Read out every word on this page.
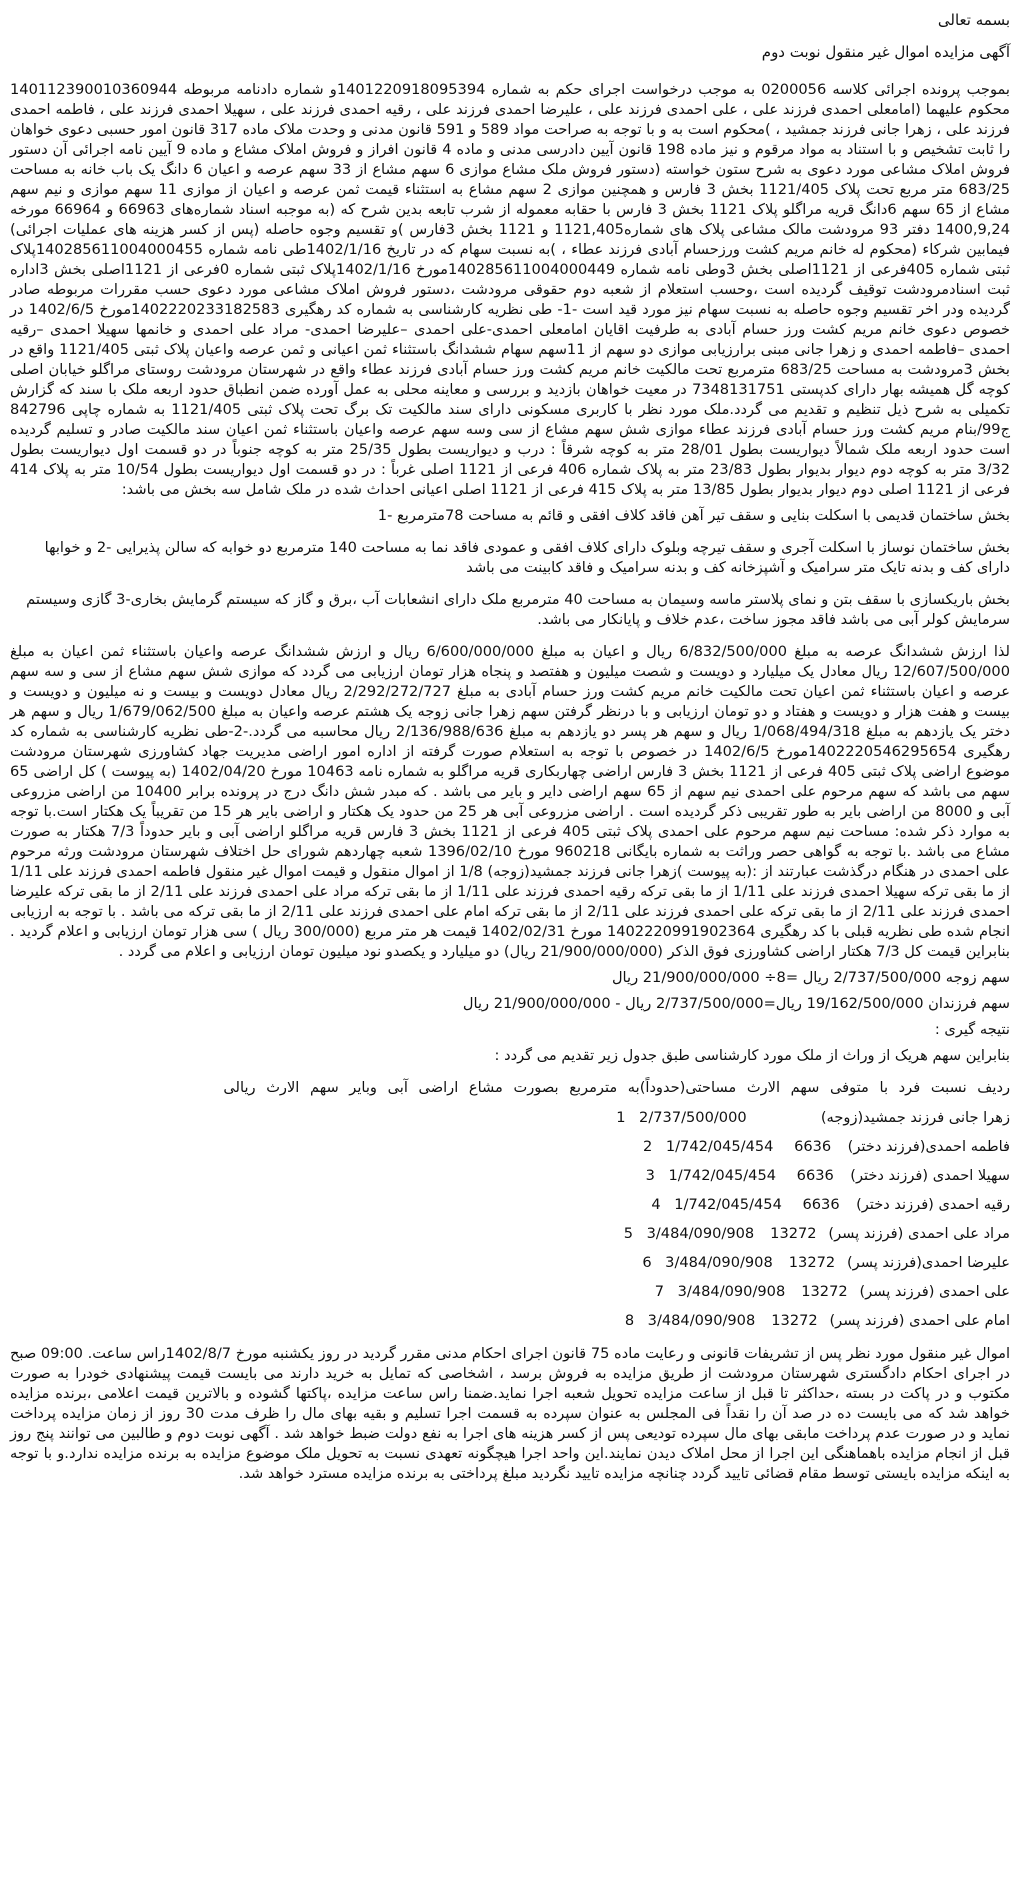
بسمه تعالی

آگهی مزایده اموال غیر منقول نوبت دوم

بموجب پرونده اجرائی کلاسه 0200056 به موجب درخواست اجرای حکم به شماره 1401220918095394و شماره دادنامه مربوطه 140112390010360944 محکوم علیهما (امامعلی احمدی فرزند علی ، علی احمدی فرزند علی ، علیرضا احمدی فرزند علی ، رقیه احمدی فرزند علی ، سهیلا احمدی فرزند علی ، فاطمه احمدی فرزند علی ، زهرا جانی فرزند جمشید ، )محکوم است به و با توجه به صراحت مواد 589 و 591 قانون مدنی و وحدت ملاک ماده 317 قانون امور حسبی دعوی خواهان را ثابت تشخیص و با استناد به مواد مرقوم و نیز ماده 198 قانون آیین دادرسی مدنی و ماده 4 قانون افراز و فروش املاک مشاع و ماده 9 آیین نامه اجرائی آن دستور فروش املاک مشاعی مورد دعوی به شرح ستون خواسته (دستور فروش ملک مشاع موازی 6 سهم مشاع از 33 سهم عرصه و اعیان 6 دانگ یک باب خانه به مساحت 683/25 متر مربع تحت پلاک 1121/405 بخش 3 فارس و همچنین موازی 2 سهم مشاع به استثناء قیمت ثمن عرصه و اعیان از موازی 11 سهم موازی و نیم سهم مشاع از 65 سهم 6دانگ قریه مراگلو پلاک 1121 بخش 3 فارس با حقابه معموله از شرب تابعه بدین شرح که (به موجبه اسناد شماره‌های 66963 و 66964 مورخه 1400,9,24 دفتر 93 مرودشت مالک مشاعی پلاک های شماره1121,405 و 1121 بخش 3فارس )و تقسیم وجوه حاصله (پس از کسر هزینه های عملیات اجرائی) فیمابین شرکاء (محکوم له خانم مریم کشت ورزحسام آبادی فرزند عطاء ، )به نسبت سهام که در تاریخ 1402/1/16طی نامه شماره 140285611004000455پلاک ثبتی شماره 405فرعی از 1121اصلی بخش 3وطی نامه شماره 140285611004000449مورخ 1402/1/16پلاک ثبتی شماره 0فرعی از 1121اصلی بخش 3اداره ثبت اسنادمرودشت توقیف گردیده است ،وحسب استعلام از شعبه دوم حقوقی مرودشت ،دستور فروش املاک مشاعی مورد دعوی حسب مقررات مربوطه صادر گردیده ودر اخر تقسیم وجوه حاصله به نسبت سهام نیز مورد قید است -1- طی نظریه کارشناسی به شماره کد رهگیری 1402220233182583مورخ 1402/6/5 در خصوص دعوی خانم مریم کشت ورز حسام آبادی به طرفیت اقایان امامعلی احمدی-علی احمدی –علیرضا احمدی- مراد علی احمدی و خانمها سهیلا احمدی –رقیه احمدی –فاطمه احمدی و زهرا جانی مبنی برارزیابی موازی دو سهم از 11سهم سهام ششدانگ باستثناء ثمن اعیانی و ثمن عرصه واعیان پلاک ثبتی 1121/405 واقع در بخش 3مرودشت به مساحت 683/25 مترمربع تحت مالکیت خانم مریم کشت ورز حسام آبادی فرزند عطاء واقع در شهرستان مرودشت روستای مراگلو خیابان اصلی کوچه گل همیشه بهار دارای کدپستی 7348131751 در معیت خواهان بازدید و بررسی و معاینه محلی به عمل آورده ضمن انطباق حدود اربعه ملک با سند که گزارش تکمیلی به شرح ذیل تنظیم و تقدیم می گردد.ملک مورد نظر با کاربری مسکونی دارای سند مالکیت تک برگ تحت پلاک ثبتی 1121/405 به شماره چاپی 842796 ج99/بنام مریم کشت ورز حسام آبادی فرزند عطاء موازی شش سهم مشاع از سی وسه سهم عرصه واعیان باستثناء ثمن اعیان سند مالکیت صادر و تسلیم گردیده است حدود اربعه ملک شمالاً دیواریست بطول 28/01 متر به کوچه شرقاً : درب و دیواریست بطول 25/35 متر به کوچه جنوباً در دو قسمت اول دیواریست بطول 3/32 متر به کوچه دوم دیوار بدیوار بطول 23/83 متر به پلاک شماره 406 فرعی از 1121 اصلی غرباً : در دو قسمت اول دیواریست بطول 10/54 متر به پلاک 414 فرعی از 1121 اصلی دوم دیوار بدیوار بطول 13/85 متر به پلاک 415 فرعی از 1121 اصلی اعیانی احداث شده در ملک شامل سه بخش می باشد:

بخش ساختمان قدیمی با اسکلت بنایی و سقف تیر آهن فاقد کلاف افقی و قائم به مساحت 78مترمربع -1

بخش ساختمان نوساز با اسکلت آجری و سقف تیرچه وبلوک دارای کلاف افقی و عمودی فاقد نما به مساحت 140 مترمربع دو خوابه که سالن پذیرایی -2 و خوابها دارای کف و بدنه تایک متر سرامیک و آشپزخانه کف و بدنه سرامیک و فاقد کابینت می باشد

بخش باریکسازی با سقف بتن و نمای پلاستر ماسه وسیمان به مساحت 40 مترمربع ملک دارای انشعابات آب ،برق و گاز که سیستم گرمایش بخاری-3 گازی وسیستم سرمایش کولر آبی می باشد فاقد مجوز ساخت ،عدم خلاف و پایانکار می باشد.

لذا ارزش ششدانگ عرصه به مبلغ 6/832/500/000 ریال و اعیان به مبلغ 6/600/000/000 ریال و ارزش ششدانگ عرصه واعیان باستثناء ثمن اعیان به مبلغ 12/607/500/000 ریال معادل یک میلیارد و دویست و شصت میلیون و هفتصد و پنجاه هزار تومان ارزیابی می گردد که موازی شش سهم مشاع از سی و سه سهم عرصه و اعیان باستثناء ثمن اعیان تحت مالکیت خانم مریم کشت ورز حسام آبادی به مبلغ 2/292/272/727 ریال معادل دویست و بیست و نه میلیون و دویست و بیست و هفت هزار و دویست و هفتاد و دو تومان ارزیابی و با درنظر گرفتن سهم زهرا جانی زوجه یک هشتم عرصه واعیان به مبلغ 1/679/062/500 ریال و سهم هر دختر یک یازدهم به مبلغ 1/068/494/318 ریال و سهم هر پسر دو یازدهم به مبلغ 2/136/988/636 ریال محاسبه می گردد.-2-طی نظریه کارشناسی به شماره کد رهگیری 1402220546295654مورخ 1402/6/5 در خصوص با توجه به استعلام صورت گرفته از اداره امور اراضی مدیریت جهاد کشاورزی شهرستان مرودشت موضوع اراضی پلاک ثبتی 405 فرعی از 1121 بخش 3 فارس اراضی چهاربکاری قریه مراگلو به شماره نامه 10463 مورخ 1402/04/20 (به پیوست ) کل اراضی 65 سهم می باشد که سهم مرحوم علی احمدی نیم سهم از 65 سهم اراضی دایر و بایر می باشد . که مبدر شش دانگ درج در پرونده برابر 10400 من اراضی مزروعی آبی و 8000 من اراضی بایر به طور تقریبی ذکر گردیده است . اراضی مزروعی آبی هر 25 من حدود یک هکتار و اراضی بایر هر 15 من تقریباً یک هکتار است.با توجه به موارد ذکر شده: مساحت نیم سهم مرحوم علی احمدی پلاک ثبتی 405 فرعی از 1121 بخش 3 فارس قریه مراگلو اراضی آبی و بایر حدوداً 7/3 هکتار به صورت مشاع می باشد .با توجه به گواهی حصر وراثت به شماره بایگانی 960218 مورخ 1396/02/10 شعبه چهاردهم شورای حل اختلاف شهرستان مرودشت ورثه مرحوم علی احمدی در هنگام درگذشت عبارتند از :(به پیوست )زهرا جانی فرزند جمشید(زوجه) 1/8 از اموال منقول و قیمت اموال غیر منقول فاطمه احمدی فرزند علی 1/11 از ما بقی ترکه سهیلا احمدی فرزند علی 1/11 از ما بقی ترکه رقیه احمدی فرزند علی 1/11 از ما بقی ترکه مراد علی احمدی فرزند علی 2/11 از ما بقی ترکه علیرضا احمدی فرزند علی 2/11 از ما بقی ترکه علی احمدی فرزند علی 2/11 از ما بقی ترکه امام علی احمدی فرزند علی 2/11 از ما بقی ترکه می باشد . با توجه به ارزیابی انجام شده طی نظریه قبلی با کد رهگیری 1402220991902364 مورخ 1402/02/31 قیمت هر متر مربع (300/000 ریال ) سی هزار تومان ارزیابی و اعلام گردید . بنابراین قیمت کل 7/3 هکتار اراضی کشاورزی فوق الذکر (21/900/000/000 ریال) دو میلیارد و یکصدو نود میلیون تومان ارزیابی و اعلام می گردد .

سهم زوجه 2/737/500/000 ریال =8÷ 21/900/000/000 ریال

سهم فرزندان 19/162/500/000 ریال=2/737/500/000 ریال - 21/900/000/000 ریال

نتیجه گیری :

بنابراین سهم هریک از وراث از ملک مورد کارشناسی طبق جدول زیر تقدیم می گردد :

ردیف نسبت فرد با متوفی سهم الارث مساحتی(حدوداً)به مترمربع بصورت مشاع اراضی آبی وبایر سهم الارث ریالی

زهرا جانی فرزند جمشید(زوجه)
2/737/500/000
1
فاطمه احمدی(فرزند دختر)
6636
1/742/045/454
2
سهیلا احمدی (فرزند دختر)
6636
1/742/045/454
3
رقیه احمدی (فرزند دختر)
6636
1/742/045/454
4
مراد علی احمدی (فرزند پسر)
13272
3/484/090/908
5
علیرضا احمدی(فرزند پسر)
13272
3/484/090/908
6
علی احمدی (فرزند پسر)
13272
3/484/090/908
7
امام علی احمدی (فرزند پسر)
13272
3/484/090/908
8

اموال غیر منقول مورد نظر پس از تشریفات قانونی و رعایت ماده 75 قانون اجرای احکام مدنی مقرر گردید در روز یکشنبه مورخ 1402/8/7راس ساعت. 09:00 صبح در اجرای احکام دادگستری شهرستان مرودشت از طریق مزایده به فروش برسد ، اشخاصی که تمایل به خرید دارند می بایست قیمت پیشنهادی خودرا به صورت مکتوب و در پاکت در بسته ،حداکثر تا قبل از ساعت مزایده تحویل شعبه اجرا نماید.ضمنا راس ساعت مزایده ،پاکتها گشوده و بالاترین قیمت اعلامی ،برنده مزایده خواهد شد که می بایست ده در صد آن را نقداً فی المجلس به عنوان سپرده به قسمت اجرا تسلیم و بقیه بهای مال را ظرف مدت 30 روز از زمان مزایده پرداخت نماید و در صورت عدم پرداخت مابقی بهای مال سپرده تودیعی پس از کسر هزینه های اجرا به نفع دولت ضبط خواهد شد . آگهی نوبت دوم و طالبین می توانند پنج روز قبل از انجام مزایده باهماهنگی این اجرا از محل املاک دیدن نمایند.این واحد اجرا هیچگونه تعهدی نسبت به تحویل ملک موضوع مزایده به برنده مزایده ندارد.و با توجه به اینکه مزایده بایستی توسط مقام قضائی تایید گردد چنانچه مزایده تایید نگردید مبلغ پرداختی به برنده مزایده مسترد خواهد شد.
